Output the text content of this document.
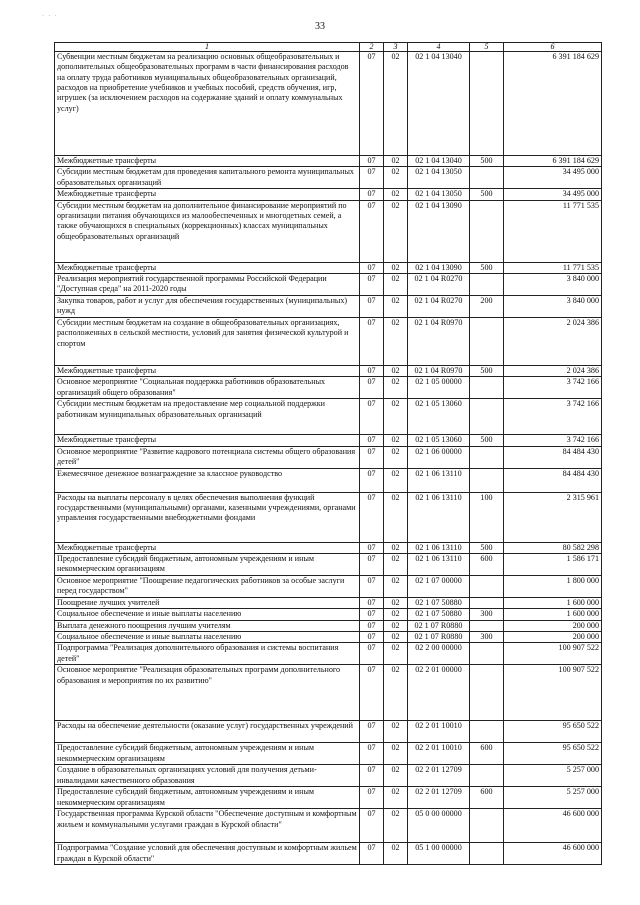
· · ·
33
1	2	3	4	5	6
Субвенции местным бюджетам на реализацию основных общеобразовательных и дополнительных общеобразовательных программ в части финансирования расходов на оплату труда работников муниципальных общеобразовательных организаций, расходов на приобретение учебников и учебных пособий, средств обучения, игр, игрушек (за исключением расходов на содержание зданий и оплату коммунальных услуг)	07	02	02 1 04 13040		6 391 184 629
Межбюджетные трансферты	07	02	02 1 04 13040	500	6 391 184 629
Субсидии местным бюджетам для проведения капитального ремонта муниципальных образовательных организаций	07	02	02 1 04 13050		34 495 000
Межбюджетные трансферты	07	02	02 1 04 13050	500	34 495 000
Субсидии местным бюджетам на дополнительное финансирование мероприятий по организации питания обучающихся из малообеспеченных и многодетных семей, а также обучающихся в специальных (коррекционных) классах муниципальных общеобразовательных организаций	07	02	02 1 04 13090		11 771 535
Межбюджетные трансферты	07	02	02 1 04 13090	500	11 771 535
Реализация мероприятий государственной программы Российской Федерации "Доступная среда" на 2011-2020 годы	07	02	02 1 04 R0270		3 840 000
Закупка товаров, работ и услуг для обеспечения государственных (муниципальных) нужд	07	02	02 1 04 R0270	200	3 840 000
Субсидии местным бюджетам на создание в общеобразовательных организациях, расположенных в сельской местности, условий для занятия физической культурой и спортом	07	02	02 1 04 R0970		2 024 386
Межбюджетные трансферты	07	02	02 1 04 R0970	500	2 024 386
Основное мероприятие "Социальная поддержка работников образовательных организаций общего образования"	07	02	02 1 05 00000		3 742 166
Субсидии местным бюджетам на предоставление мер социальной поддержки работникам муниципальных образовательных организаций	07	02	02 1 05 13060		3 742 166
Межбюджетные трансферты	07	02	02 1 05 13060	500	3 742 166
Основное мероприятие "Развитие кадрового потенциала системы общего образования детей"	07	02	02 1 06 00000		84 484 430
Ежемесячное денежное вознаграждение за классное руководство	07	02	02 1 06 13110		84 484 430
Расходы на выплаты персоналу в целях обеспечения выполнения функций государственными (муниципальными) органами, казенными учреждениями, органами управления государственными внебюджетными фондами	07	02	02 1 06 13110	100	2 315 961
Межбюджетные трансферты	07	02	02 1 06 13110	500	80 582 298
Предоставление субсидий бюджетным, автономным учреждениям и иным некоммерческим организациям	07	02	02 1 06 13110	600	1 586 171
Основное мероприятие "Поощрение педагогических работников за особые заслуги перед государством"	07	02	02 1 07 00000		1 800 000
Поощрение лучших учителей	07	02	02 1 07 50880		1 600 000
Социальное обеспечение и иные выплаты населению	07	02	02 1 07 50880	300	1 600 000
Выплата денежного поощрения лучшим учителям	07	02	02 1 07 R0880		200 000
Социальное обеспечение и иные выплаты населению	07	02	02 1 07 R0880	300	200 000
Подпрограмма "Реализация дополнительного образования и системы воспитания детей"	07	02	02 2 00 00000		100 907 522
Основное мероприятие "Реализация образовательных программ дополнительного образования и мероприятия по их развитию"	07	02	02 2 01 00000		100 907 522
Расходы на обеспечение деятельности (оказание услуг) государственных учреждений	07	02	02 2 01 10010		95 650 522
Предоставление субсидий бюджетным, автономным учреждениям и иным некоммерческим организациям	07	02	02 2 01 10010	600	95 650 522
Создание в образовательных организациях условий для получения детьми-инвалидами качественного образования	07	02	02 2 01 12709		5 257 000
Предоставление субсидий бюджетным, автономным учреждениям и иным некоммерческим организациям	07	02	02 2 01 12709	600	5 257 000
Государственная программа Курской области "Обеспечение доступным и комфортным жильем и коммунальными услугами граждан в Курской области"	07	02	05 0 00 00000		46 600 000
Подпрограмма "Создание условий для обеспечения доступным и комфортным жильем граждан в Курской области"	07	02	05 1 00 00000		46 600 000
